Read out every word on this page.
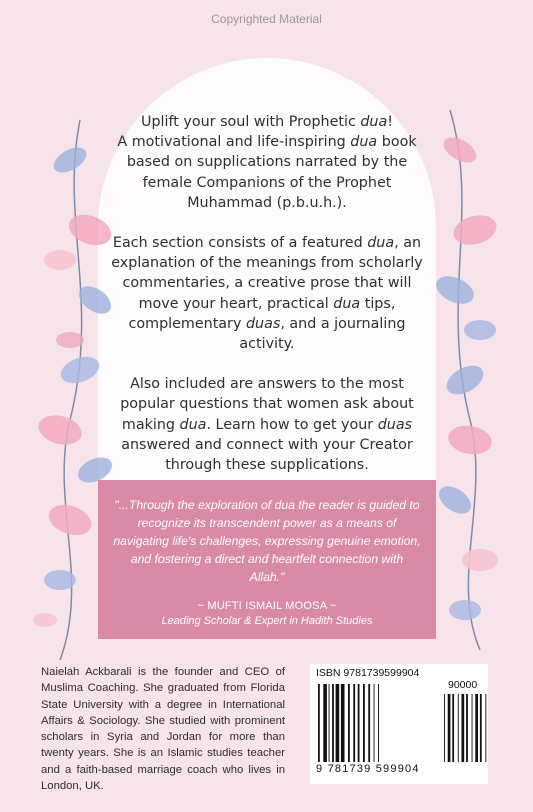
Copyrighted Material

Uplift your soul with Prophetic dua!
A motivational and life-inspiring dua book based on supplications narrated by the female Companions of the Prophet Muhammad (p.b.u.h.).

Each section consists of a featured dua, an explanation of the meanings from scholarly commentaries, a creative prose that will move your heart, practical dua tips, complementary duas, and a journaling activity.

Also included are answers to the most popular questions that women ask about making dua. Learn how to get your duas answered and connect with your Creator through these supplications.

"...Through the exploration of dua the reader is guided to recognize its transcendent power as a means of navigating life's challenges, expressing genuine emotion, and fostering a direct and heartfelt connection with Allah."
~ MUFTI ISMAIL MOOSA ~
Leading Scholar & Expert in Hadith Studies
Naielah Ackbarali is the founder and CEO of Muslima Coaching. She graduated from Florida State University with a degree in International Affairs & Sociology. She studied with prominent scholars in Syria and Jordan for more than twenty years. She is an Islamic studies teacher and a faith-based marriage coach who lives in London, UK.
ISBN 9781739599904
90000
9 781739 599904
